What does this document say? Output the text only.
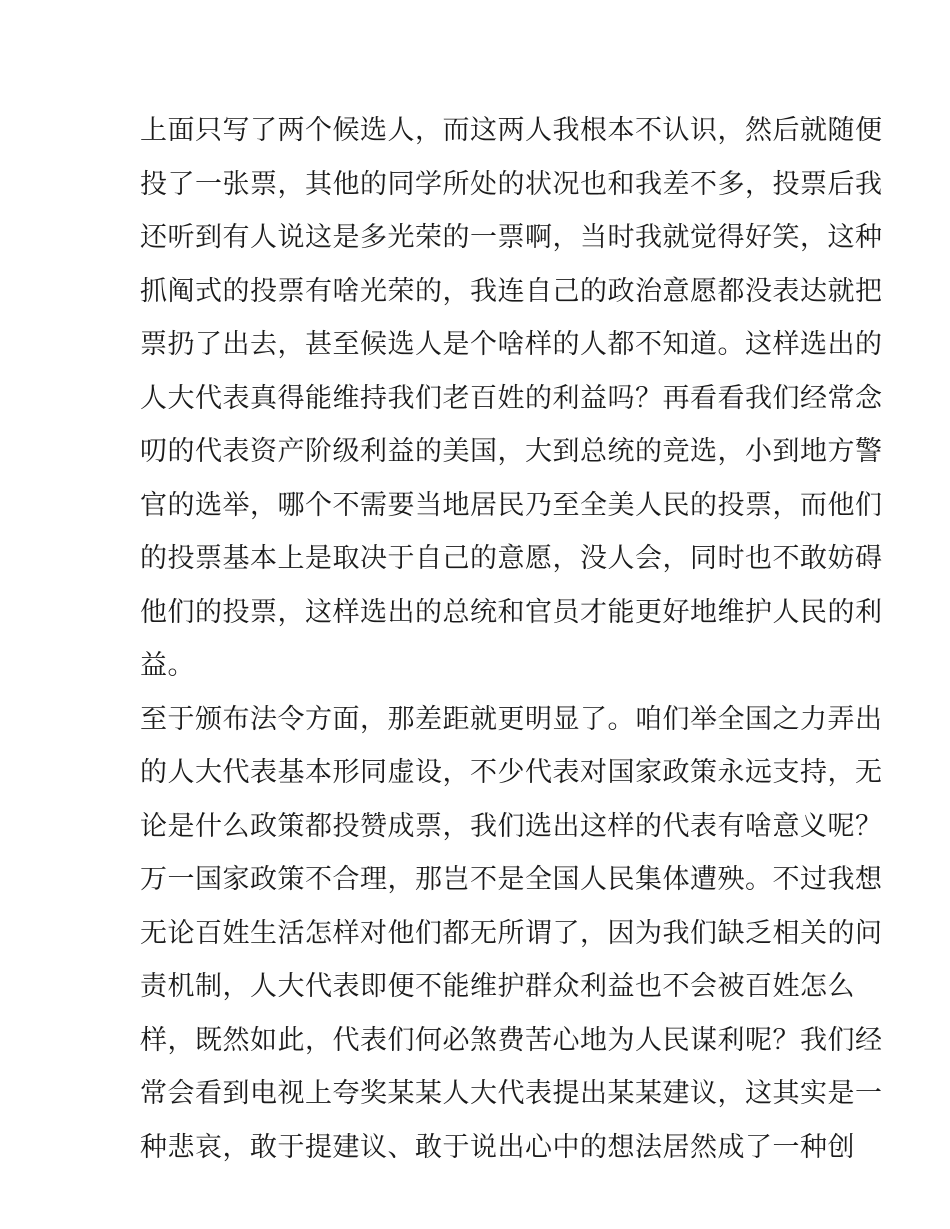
上面只写了两个候选人，而这两人我根本不认识，然后就随便
投了一张票，其他的同学所处的状况也和我差不多，投票后我
还听到有人说这是多光荣的一票啊，当时我就觉得好笑，这种
抓阄式的投票有啥光荣的，我连自己的政治意愿都没表达就把
票扔了出去，甚至候选人是个啥样的人都不知道。这样选出的
人大代表真得能维持我们老百姓的利益吗？再看看我们经常念
叨的代表资产阶级利益的美国，大到总统的竞选，小到地方警
官的选举，哪个不需要当地居民乃至全美人民的投票，而他们
的投票基本上是取决于自己的意愿，没人会，同时也不敢妨碍
他们的投票，这样选出的总统和官员才能更好地维护人民的利
益。
至于颁布法令方面，那差距就更明显了。咱们举全国之力弄出
的人大代表基本形同虚设，不少代表对国家政策永远支持，无
论是什么政策都投赞成票，我们选出这样的代表有啥意义呢？
万一国家政策不合理，那岂不是全国人民集体遭殃。不过我想
无论百姓生活怎样对他们都无所谓了，因为我们缺乏相关的问
责机制，人大代表即便不能维护群众利益也不会被百姓怎么
样，既然如此，代表们何必煞费苦心地为人民谋利呢？我们经
常会看到电视上夸奖某某人大代表提出某某建议，这其实是一
种悲哀，敢于提建议、敢于说出心中的想法居然成了一种创
